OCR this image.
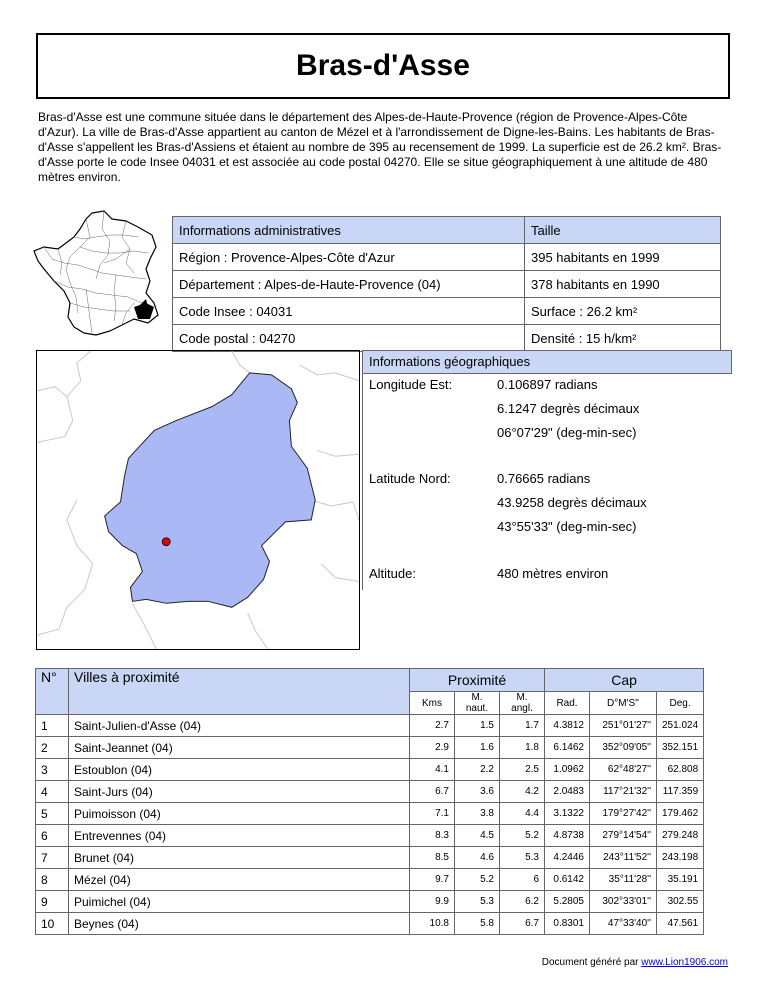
Bras-d'Asse
Bras-d'Asse est une commune située dans le département des Alpes-de-Haute-Provence (région de Provence-Alpes-Côte d'Azur). La ville de Bras-d'Asse appartient au canton de Mézel et à l'arrondissement de Digne-les-Bains. Les habitants de Bras-d'Asse s'appellent les Bras-d'Assiens et étaient au nombre de 395 au recensement de 1999. La superficie est de 26.2 km². Bras-d'Asse porte le code Insee 04031 et est associée au code postal 04270. Elle se situe géographiquement à une altitude de 480 mètres environ.
Informations administratives	Taille
Région : Provence-Alpes-Côte d'Azur	395 habitants en 1999
Département : Alpes-de-Haute-Provence (04)	378 habitants en 1990
Code Insee : 04031	Surface : 26.2 km²
Code postal : 04270	Densité : 15 h/km²
Informations géographiques
Longitude Est:	0.106897 radians
6.1247 degrès décimaux
06°07'29" (deg-min-sec)
Latitude Nord:	0.76665 radians
43.9258 degrès décimaux
43°55'33" (deg-min-sec)
Altitude:	480 mètres environ
N°	Villes à proximité	Proximité			Cap		
		Kms	M. naut.	M. angl.	Rad.	D°M'S''	Deg.
1	Saint-Julien-d'Asse (04)	2.7	1.5	1.7	4.3812	251°01'27''	251.024
2	Saint-Jeannet (04)	2.9	1.6	1.8	6.1462	352°09'05''	352.151
3	Estoublon (04)	4.1	2.2	2.5	1.0962	62°48'27''	62.808
4	Saint-Jurs (04)	6.7	3.6	4.2	2.0483	117°21'32''	117.359
5	Puimoisson (04)	7.1	3.8	4.4	3.1322	179°27'42''	179.462
6	Entrevennes (04)	8.3	4.5	5.2	4.8738	279°14'54''	279.248
7	Brunet (04)	8.5	4.6	5.3	4.2446	243°11'52''	243.198
8	Mézel (04)	9.7	5.2	6	0.6142	35°11'28''	35.191
9	Puimichel (04)	9.9	5.3	6.2	5.2805	302°33'01''	302.55
10	Beynes (04)	10.8	5.8	6.7	0.8301	47°33'40''	47.561
Document généré par www.Lion1906.com
